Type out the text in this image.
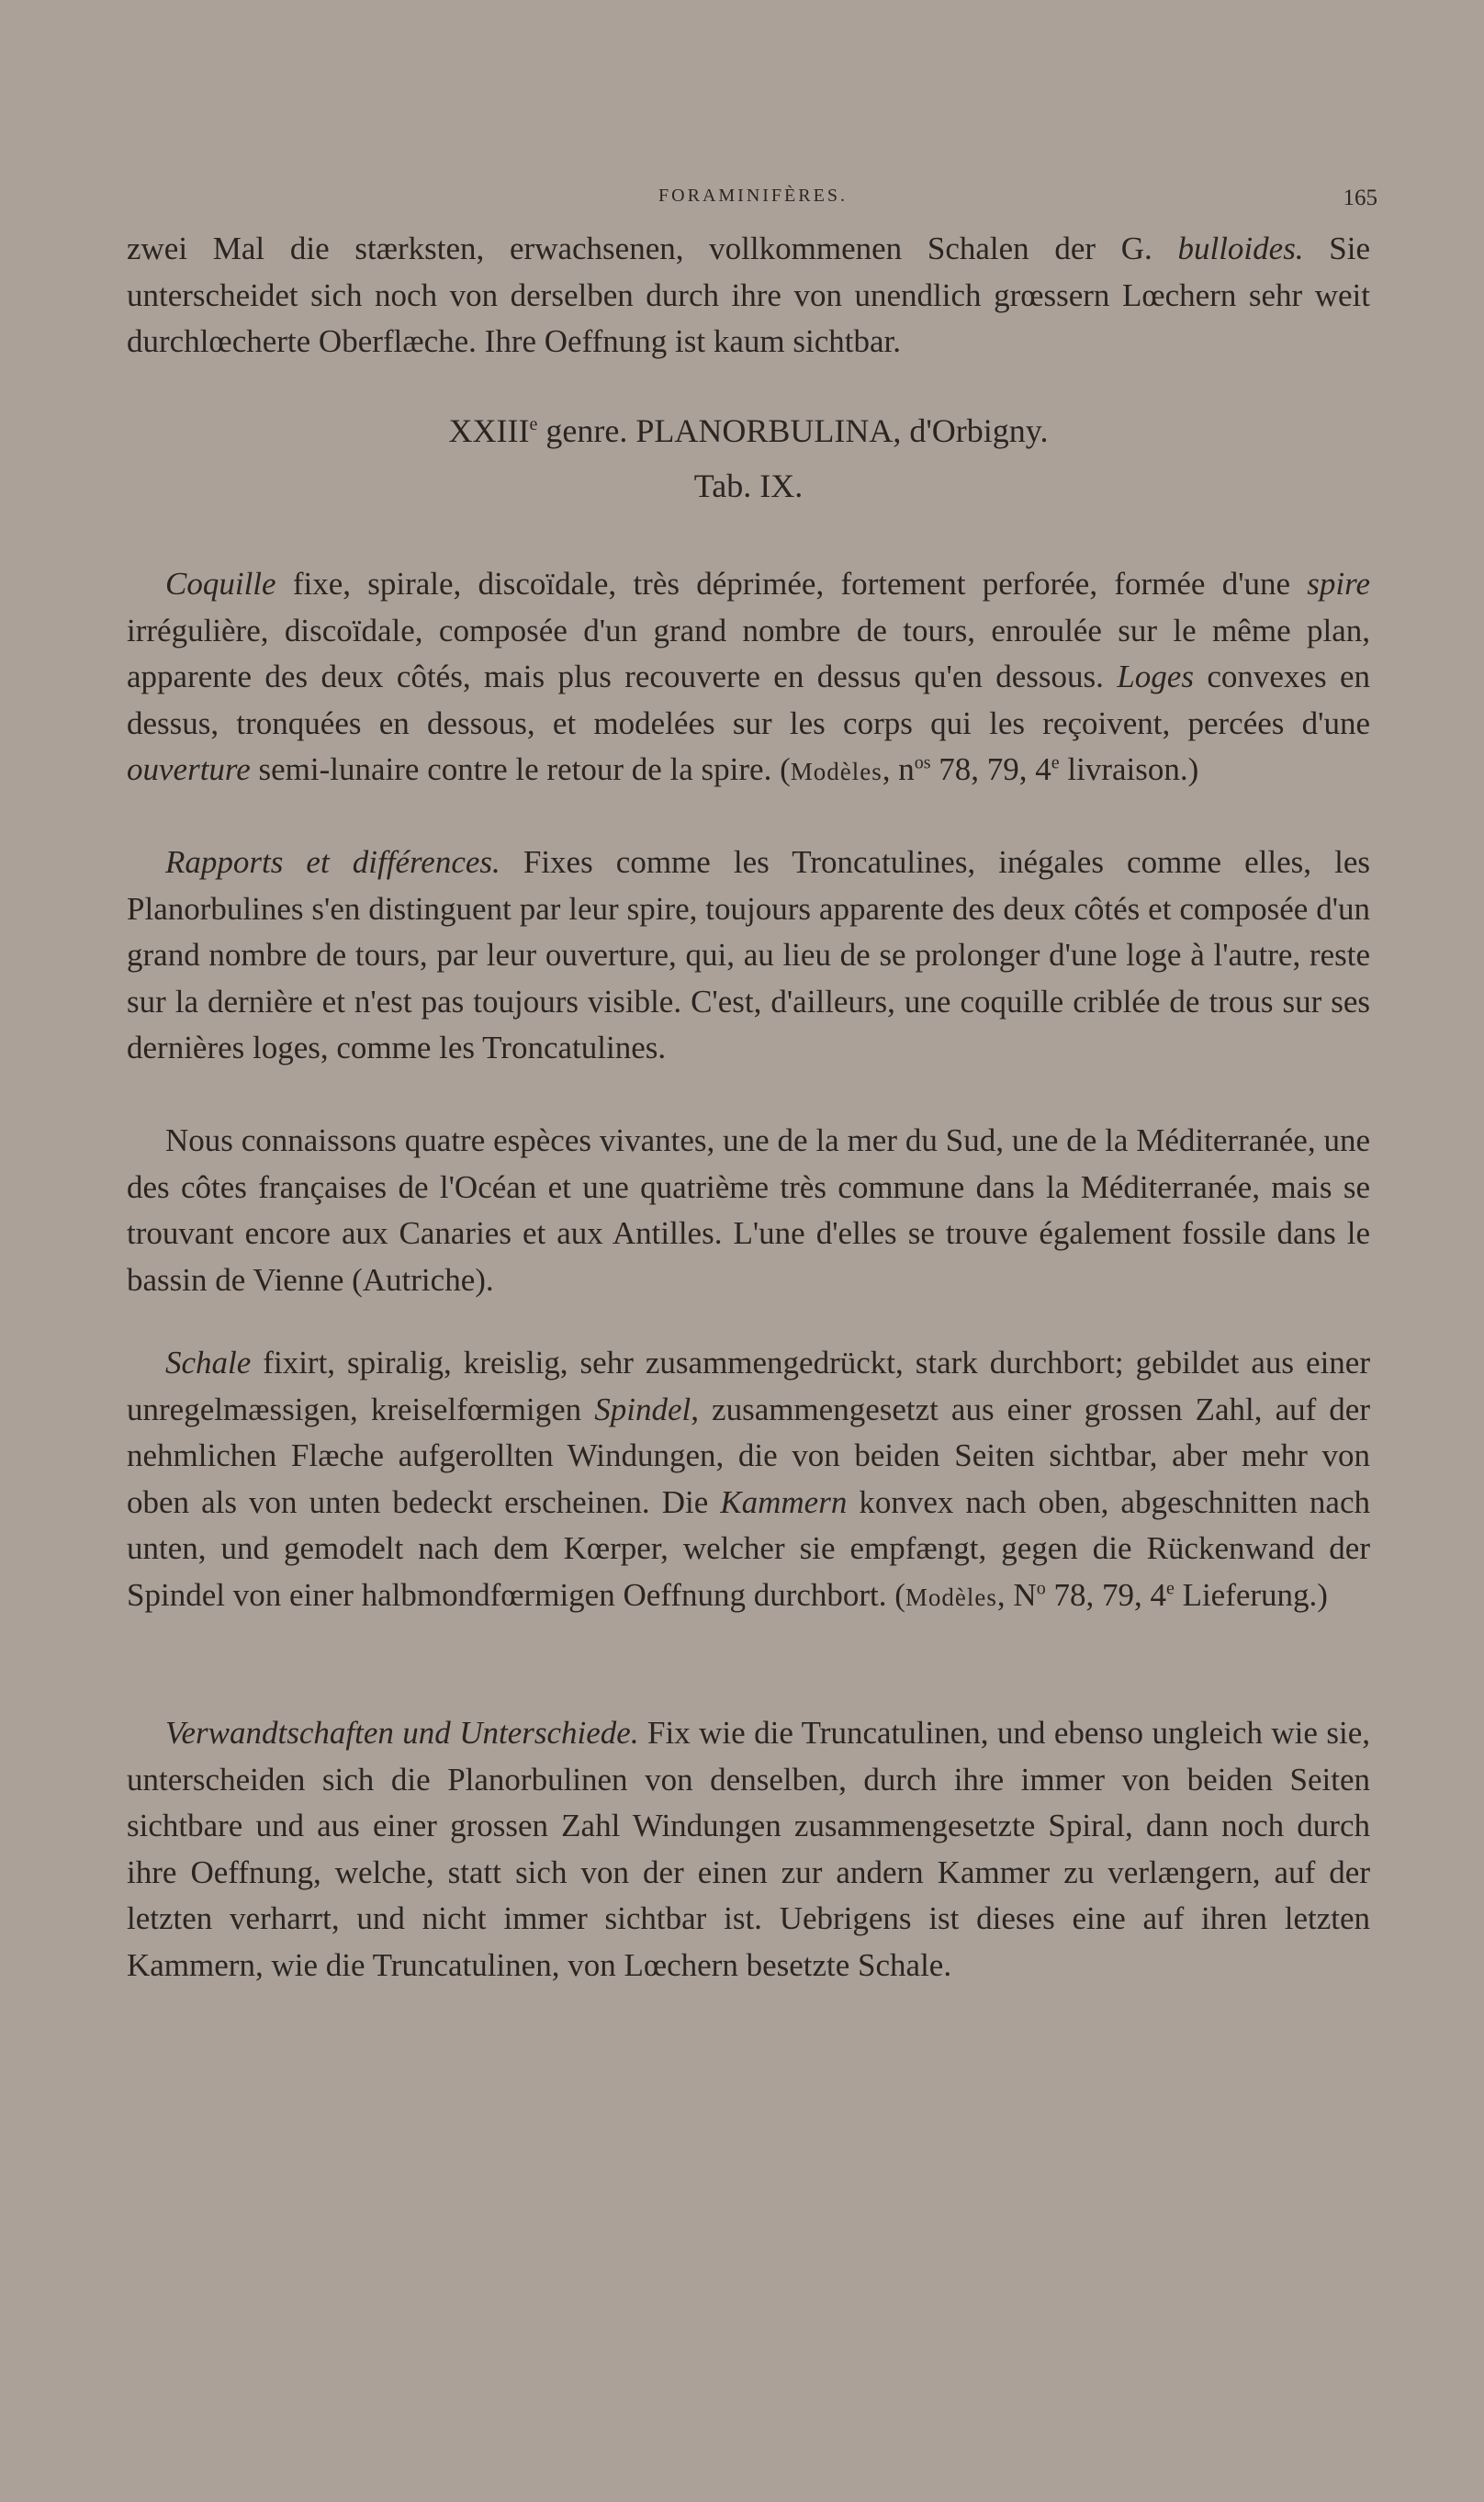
FORAMINIFÈRES.	165

zwei Mal die stærksten, erwachsenen, vollkommenen Schalen der G. bulloides. Sie unterscheidet sich noch von derselben durch ihre von unendlich grœssern Lœchern sehr weit durchlœcherte Oberflæche. Ihre Oeffnung ist kaum sichtbar.

XXIIIe genre. PLANORBULINA, d'Orbigny.

Tab. IX.

Coquille fixe, spirale, discoïdale, très déprimée, fortement perforée, formée d'une spire irrégulière, discoïdale, composée d'un grand nombre de tours, enroulée sur le même plan, apparente des deux côtés, mais plus recouverte en dessus qu'en dessous. Loges convexes en dessus, tronquées en dessous, et modelées sur les corps qui les reçoivent, percées d'une ouverture semi-lunaire contre le retour de la spire. (Modèles, $n^{os}$ 78, 79, 4e livraison.)

Rapports et différences. Fixes comme les Troncatulines, inégales comme elles, les Planorbulines s'en distinguent par leur spire, toujours apparente des deux côtés et composée d'un grand nombre de tours, par leur ouverture, qui, au lieu de se prolonger d'une loge à l'autre, reste sur la dernière et n'est pas toujours visible. C'est, d'ailleurs, une coquille criblée de trous sur ses dernières loges, comme les Troncatulines.

Nous connaissons quatre espèces vivantes, une de la mer du Sud, une de la Méditerranée, une des côtes françaises de l'Océan et une quatrième très commune dans la Méditerranée, mais se trouvant encore aux Canaries et aux Antilles. L'une d'elles se trouve également fossile dans le bassin de Vienne (Autriche).

Schale fixirt, spiralig, kreislig, sehr zusammengedrückt, stark durchbort; gebildet aus einer unregelmæssigen, kreiselfœrmigen Spindel, zusammengesetzt aus einer grossen Zahl, auf der nehmlichen Flæche aufgerollten Windungen, die von beiden Seiten sichtbar, aber mehr von oben als von unten bedeckt erscheinen. Die Kammern konvex nach oben, abgeschnitten nach unten, und gemodelt nach dem Kœrper, welcher sie empfængt, gegen die Rückenwand der Spindel von einer halbmondfœrmigen Oeffnung durchbort. (Modèles, $N^o$ 78, 79, 4e Lieferung.)

Verwandtschaften und Unterschiede. Fix wie die Truncatulinen, und ebenso ungleich wie sie, unterscheiden sich die Planorbulinen von denselben, durch ihre immer von beiden Seiten sichtbare und aus einer grossen Zahl Windungen zusammengesetzte Spiral, dann noch durch ihre Oeffnung, welche, statt sich von der einen zur andern Kammer zu verlængern, auf der letzten verharrt, und nicht immer sichtbar ist. Uebrigens ist dieses eine auf ihren letzten Kammern, wie die Truncatulinen, von Lœchern besetzte Schale.
